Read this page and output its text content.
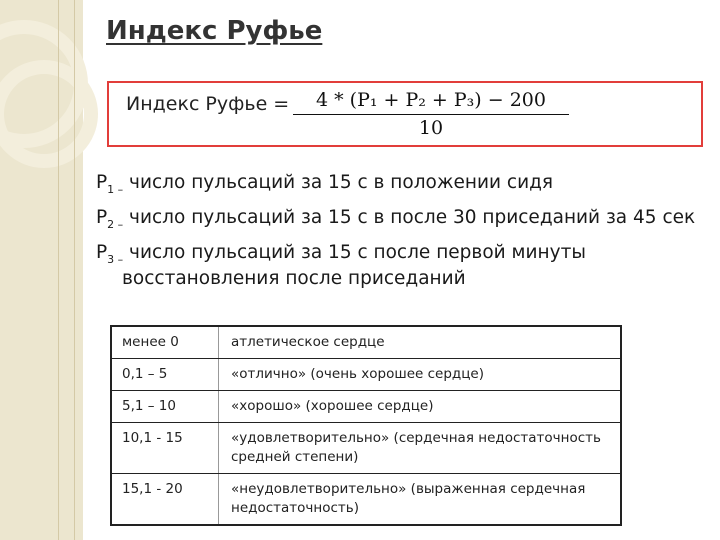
Индекс Руфье
Индекс Руфье = $\frac{\text{4 * (P₁ + P₂ + P₃) − 200}}{10}$
$P_{1 -}$ число пульсаций за 15 с в положении сидя
$P_{2 -}$ число пульсаций за 15 с в после 30 приседаний за 45 сек
$P_{3 -}$ число пульсаций за 15 с после первой минуты
восстановления после приседаний
менее 0	атлетическое сердце
0,1 – 5	«отлично» (очень хорошее сердце)
5,1 – 10	«хорошо» (хорошее сердце)
10,1 - 15	«удовлетворительно» (сердечная недостаточность средней степени)
15,1 - 20	«неудовлетворительно» (выраженная сердечная недостаточность)
